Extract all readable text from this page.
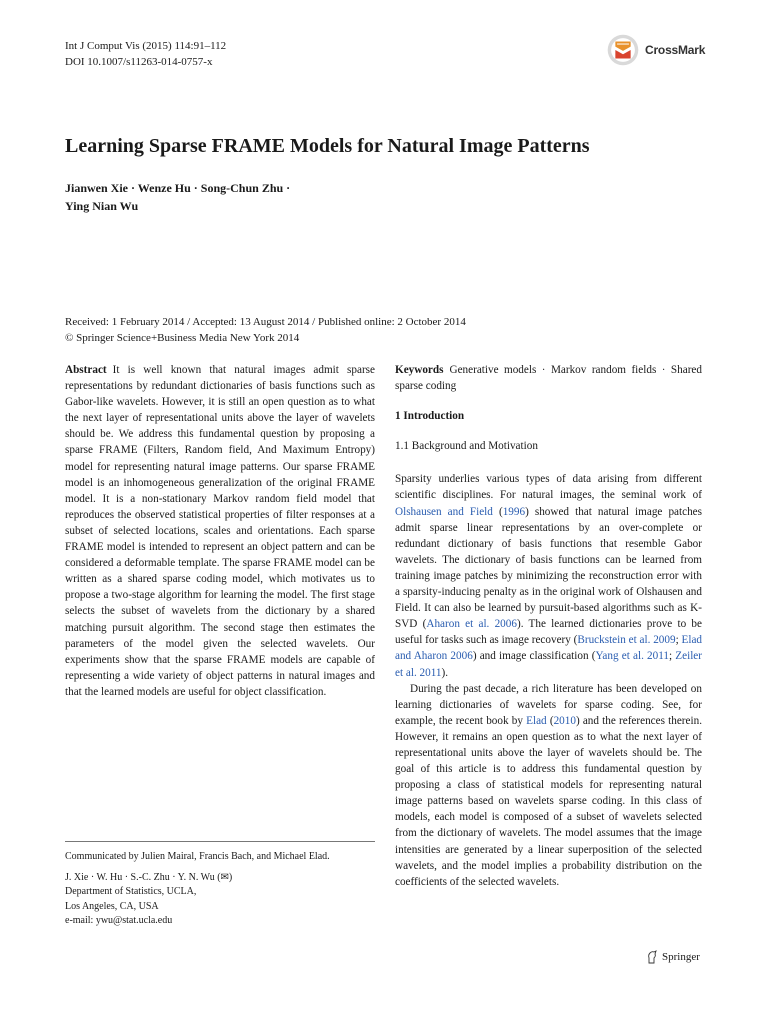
Int J Comput Vis (2015) 114:91–112
DOI 10.1007/s11263-014-0757-x
CrossMark
Learning Sparse FRAME Models for Natural Image Patterns
Jianwen Xie · Wenze Hu · Song-Chun Zhu ·
Ying Nian Wu
Received: 1 February 2014 / Accepted: 13 August 2014 / Published online: 2 October 2014
© Springer Science+Business Media New York 2014

Abstract It is well known that natural images admit sparse representations by redundant dictionaries of basis functions such as Gabor-like wavelets. However, it is still an open question as to what the next layer of representational units above the layer of wavelets should be. We address this fundamental question by proposing a sparse FRAME (Filters, Random field, And Maximum Entropy) model for representing natural image patterns. Our sparse FRAME model is an inhomogeneous generalization of the original FRAME model. It is a non-stationary Markov random field model that reproduces the observed statistical properties of filter responses at a subset of selected locations, scales and orientations. Each sparse FRAME model is intended to represent an object pattern and can be considered a deformable template. The sparse FRAME model can be written as a shared sparse coding model, which motivates us to propose a two-stage algorithm for learning the model. The first stage selects the subset of wavelets from the dictionary by a shared matching pursuit algorithm. The second stage then estimates the parameters of the model given the selected wavelets. Our experiments show that the sparse FRAME models are capable of representing a wide variety of object patterns in natural images and that the learned models are useful for object classification.

Communicated by Julien Mairal, Francis Bach, and Michael Elad.
J. Xie · W. Hu · S.-C. Zhu · Y. N. Wu (✉)
Department of Statistics, UCLA,
Los Angeles, CA, USA
e-mail: ywu@stat.ucla.edu

Keywords Generative models · Markov random fields · Shared sparse coding

1 Introduction
1.1 Background and Motivation

Sparsity underlies various types of data arising from different scientific disciplines. For natural images, the seminal work of Olshausen and Field (1996) showed that natural image patches admit sparse linear representations by an over-complete or redundant dictionary of basis functions that resemble Gabor wavelets. The dictionary of basis functions can be learned from training image patches by minimizing the reconstruction error with a sparsity-inducing penalty as in the original work of Olshausen and Field. It can also be learned by pursuit-based algorithms such as K-SVD (Aharon et al. 2006). The learned dictionaries prove to be useful for tasks such as image recovery (Bruckstein et al. 2009; Elad and Aharon 2006) and image classification (Yang et al. 2011; Zeiler et al. 2011).

During the past decade, a rich literature has been developed on learning dictionaries of wavelets for sparse coding. See, for example, the recent book by Elad (2010) and the references therein. However, it remains an open question as to what the next layer of representational units above the layer of wavelets should be. The goal of this article is to address this fundamental question by proposing a class of statistical models for representing natural image patterns based on wavelets sparse coding. In this class of models, each model is composed of a subset of wavelets selected from the dictionary of wavelets. The model assumes that the image intensities are generated by a linear superposition of the selected wavelets, and the model implies a probability distribution on the coefficients of the selected wavelets.

Springer
